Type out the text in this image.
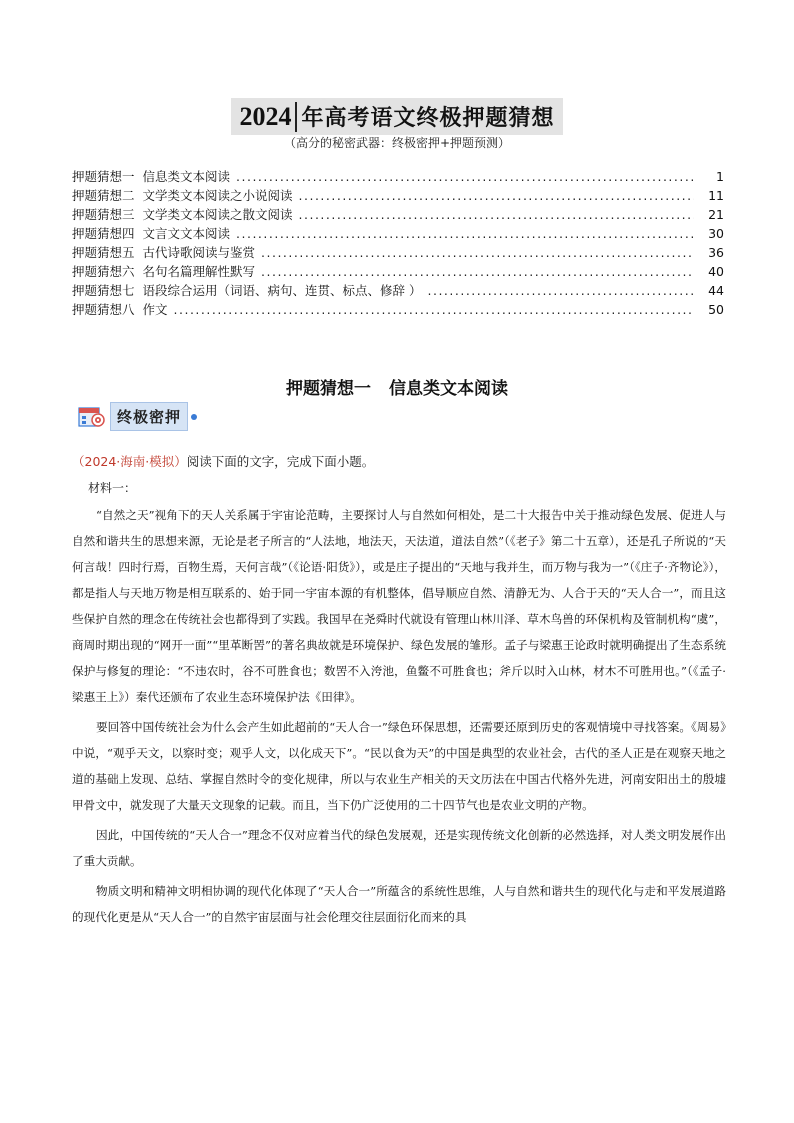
2024 年高考语文终极押题猜想
（高分的秘密武器：终极密押+押题预测）
押题猜想一 信息类文本阅读 .....	1
押题猜想二 文学类文本阅读之小说阅读 .....	11
押题猜想三 文学类文本阅读之散文阅读 .....	21
押题猜想四 文言文文本阅读 .....	30
押题猜想五 古代诗歌阅读与鉴赏 .....	36
押题猜想六 名句名篇理解性默写 .....	40
押题猜想七 语段综合运用（词语、病句、连贯、标点、修辞 ） .....	44
押题猜想八 作文 .....	50
押题猜想一 信息类文本阅读
终极密押

（2024·海南·模拟）阅读下面的文字，完成下面小题。

材料一：

“自然之天”视角下的天人关系属于宇宙论范畴，主要探讨人与自然如何相处，是二十大报告中关于推动绿色发展、促进人与自然和谐共生的思想来源，无论是老子所言的“人法地，地法天，天法道，道法自然”（《老子》第二十五章），还是孔子所说的“天何言哉！四时行焉，百物生焉，天何言哉”（《论语·阳货》），或是庄子提出的“天地与我并生，而万物与我为一”（《庄子·齐物论》），都是指人与天地万物是相互联系的、始于同一宇宙本源的有机整体，倡导顺应自然、清静无为、人合于天的“天人合一”，而且这些保护自然的理念在传统社会也都得到了实践。我国早在尧舜时代就设有管理山林川泽、草木鸟兽的环保机构及管制机构“虞”，商周时期出现的“网开一面”“里革断罟”的著名典故就是环境保护、绿色发展的雏形。孟子与梁惠王论政时就明确提出了生态系统保护与修复的理论：“不违农时，谷不可胜食也；数罟不入洿池，鱼鳖不可胜食也；斧斤以时入山林，材木不可胜用也。”（《孟子·梁惠王上》）秦代还颁布了农业生态环境保护法《田律》。

要回答中国传统社会为什么会产生如此超前的“天人合一”绿色环保思想，还需要还原到历史的客观情境中寻找答案。《周易》中说，“观乎天文，以察时变；观乎人文，以化成天下”。“民以食为天”的中国是典型的农业社会，古代的圣人正是在观察天地之道的基础上发现、总结、掌握自然时令的变化规律，所以与农业生产相关的天文历法在中国古代格外先进，河南安阳出土的殷墟甲骨文中，就发现了大量天文现象的记载。而且，当下仍广泛使用的二十四节气也是农业文明的产物。

因此，中国传统的“天人合一”理念不仅对应着当代的绿色发展观，还是实现传统文化创新的必然选择，对人类文明发展作出了重大贡献。

物质文明和精神文明相协调的现代化体现了“天人合一”所蕴含的系统性思维，人与自然和谐共生的现代化与走和平发展道路的现代化更是从“天人合一”的自然宇宙层面与社会伦理交往层面衍化而来的具
